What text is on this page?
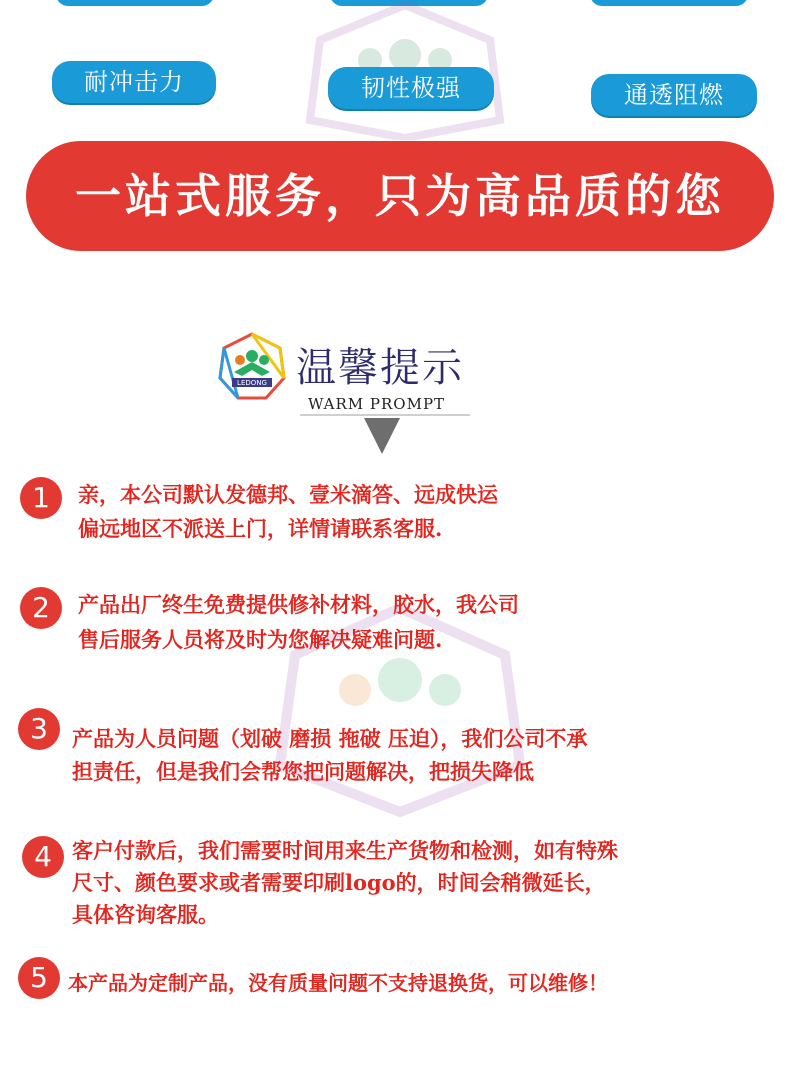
耐冲击力	韧性极强	通透阻燃
一站式服务，只为高品质的您
LEDONG 温馨提示
WARM PROMPT
1	亲，本公司默认发德邦、壹米滴答、远成快运
偏远地区不派送上门，详情请联系客服.
2	产品出厂终生免费提供修补材料，胶水，我公司
售后服务人员将及时为您解决疑难问题.
3	产品为人员问题（划破 磨损 拖破 压迫），我们公司不承
担责任，但是我们会帮您把问题解决，把损失降低
4 客户付款后，我们需要时间用来生产货物和检测，如有特殊
尺寸、颜色要求或者需要印刷logo的，时间会稍微延长，
具体咨询客服。
5	本产品为定制产品，没有质量问题不支持退换货，可以维修！
